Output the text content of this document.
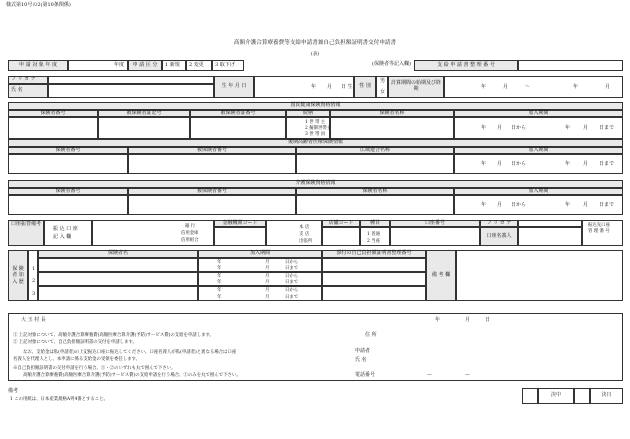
様式第10号の2(第10条関係)
高額介護合算療養費等支給申請書兼自己負担額証明書交付申請書
(表)
申 請 対 象 年 度	年度	申 請 区 分	1 新規	2 変更	3 取下げ	(保険者等記入欄)	支 給 申 請 書 整 理 番 号
フ リ ガ ナ
氏 名
生 年 月 日	年 月 日 生	性 別
男
女
計算期間の始期及び終期	年	月	〜	年	月
国民健康保険資格情報
保険者番号	被保険者証記号	被保険者証番号	続柄	保険者名称	加入期間
1 世 帯 主
2 擬制世帯主
3 世 帯 員
年 月 日から	年	月 日まで
後期高齢者医療保険情報
保険者番号	被保険者番号	広域連合名称	加入期間
年 月 日から	年	月 日まで
介護保険資格情報
保険者番号	被保険者番号	保険者名称	加入期間
年 月 日から	年	月 日まで
口座振替備考
振 込 口 座
記 入 欄
銀 行
信用金庫
信用組合
金融機関コード
本 店
支 店
出張所
店舗コード	種目
1 普通
2 当座
口座番号	フ リ ガ ナ
口座名義人
振込先口座
管 理 番 号
保 険 者 加 入 歴
1
2
3
保険者名	加入期間	添付の自己負担額証明書整理番号
備 考 欄
年	月	日から
年	月	日まで
年	月	日から
年	月	日まで
年	月	日から
年	月	日まで
大 玉 村 長	年	月	日
① 上記対象について、高額介護合算療養費(高額医療合算介護(予防)サービス費)の支給を申請します。
② 上記対象について、自己負担額証明書の交付を申請します。
なお、支給金は私(申請者)の上記振込口座に振込してください。口座名義人が私(申請者)と異なる場合は口座
名義人を代理人とし、本申請に係る支給金の受領を委任します。
※自己負担額証明書の交付申請を行う場合、①・②のいずれも丸で囲んで下さい。
高額介護合算療養費(高額医療合算介護(予防)サービス費)の支給申請を行う場合、①のみを丸で囲んで下さい。
住 所
申請者
氏 名
電話番号	—	—
備考
1 この用紙は、日本産業規格A列4番とすること。
決中	決日
